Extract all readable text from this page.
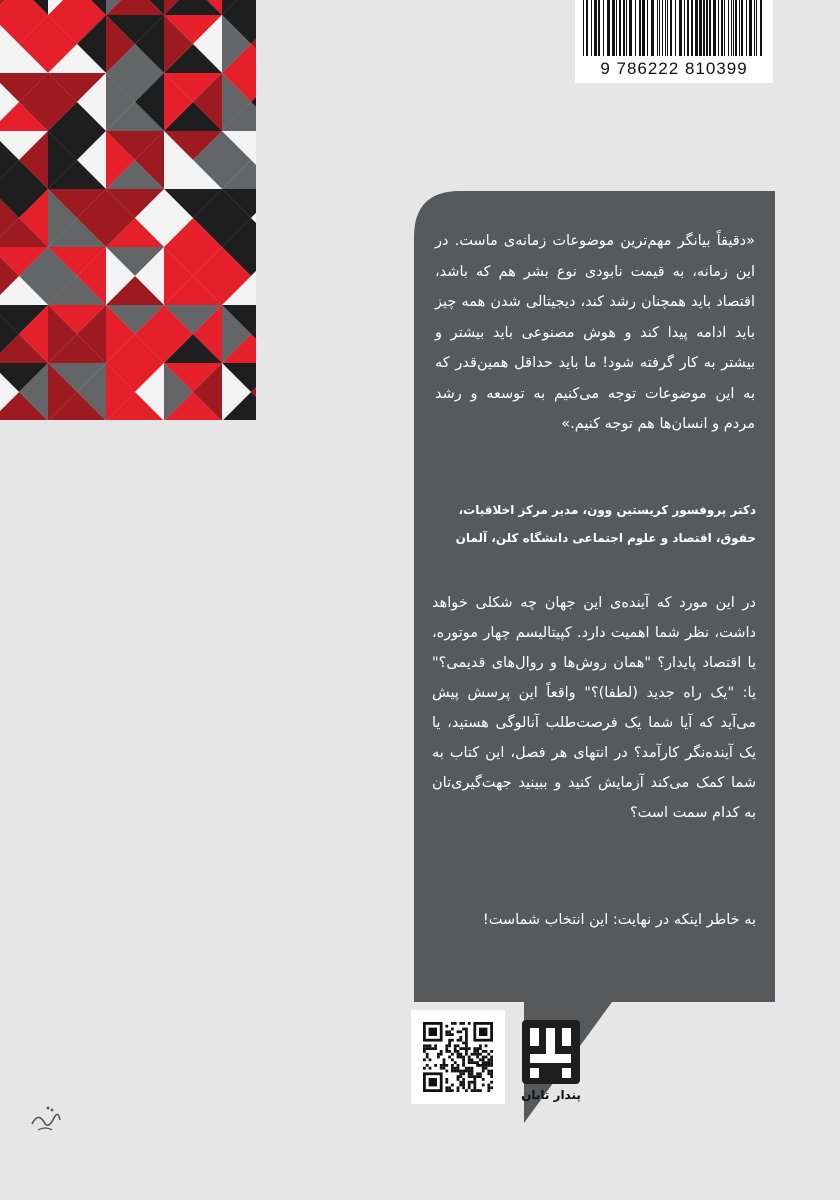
9 786222 810399

«دقیقاً بیانگر مهم‌ترین موضوعات زمانه‌ی ماست. در این زمانه، به قیمت نابودی نوع بشر هم که باشد، اقتصاد باید همچنان رشد کند، دیجیتالی شدن همه چیز باید ادامه پیدا کند و هوش مصنوعی باید بیشتر و بیشتر به کار گرفته شود! ما باید حداقل همین‌قدر که به این موضوعات توجه می‌کنیم به توسعه و رشد مردم و انسان‌ها هم توجه کنیم.»

دکتر پروفسور کریستین وون، مدیر مرکز اخلاقیات،
حقوق، اقتصاد و علوم اجتماعی دانشگاه کلن، آلمان
در این مورد که آینده‌ی این جهان چه شکلی خواهد داشت، نظر شما اهمیت دارد. کپیتالیسم چهار موتوره، یا اقتصاد پایدار؟ "همان روش‌ها و روال‌های قدیمی؟" یا: "یک راه جدید (لطفا)؟" واقعاً این پرسش پیش می‌آید که آیا شما یک فرصت‌طلب آنالوگی هستید، یا یک آینده‌نگر کارآمد؟ در انتهای هر فصل، این کتاب به شما کمک می‌کند آزمایش کنید و ببینید جهت‌گیری‌تان به کدام سمت است؟
به خاطر اینکه در نهایت: این انتخاب شماست!
پندار تابان
